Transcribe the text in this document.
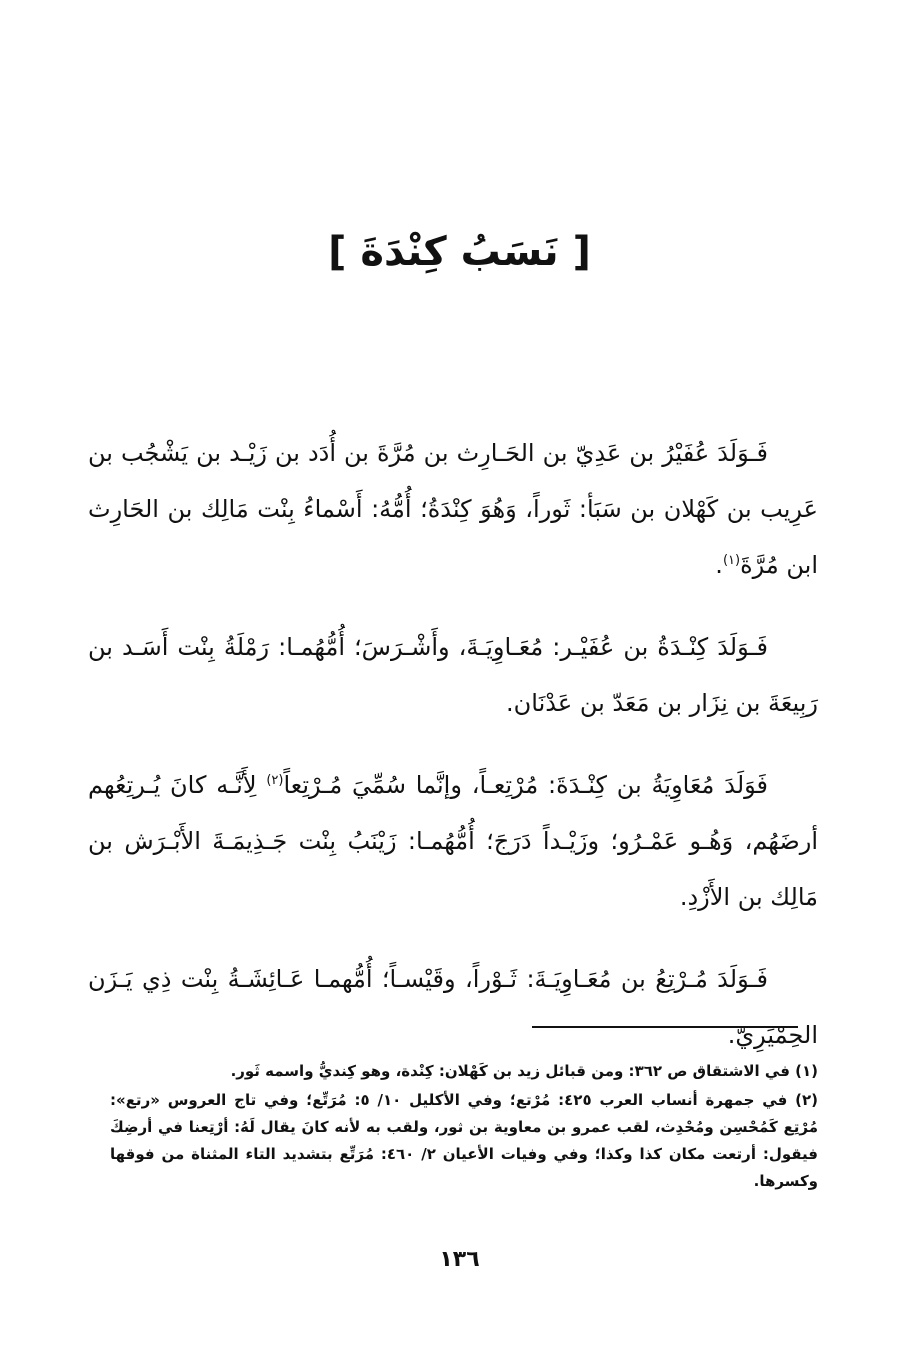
[ نَسَبُ كِنْدَةَ ]

فَـوَلَدَ عُفَيْرُ بن عَدِيّ بن الحَـارِث بن مُرَّةَ بن أُدَد بن زَيْـد بن يَشْجُب بن عَرِيب بن كَهْلان بن سَبَأ: ثَوراً، وَهُوَ كِنْدَةُ؛ أُمُّهُ: أَسْماءُ بِنْت مَالِك بن الحَارِث ابن مُرَّةَ$^{(١)}$.

فَـوَلَدَ كِنْـدَةُ بن عُفَيْـر: مُعَـاوِيَـةَ، وأَشْـرَسَ؛ أُمُّهُمـا: رَمْلَةُ بِنْت أَسَـد بن رَبِيعَةَ بن نِزَار بن مَعَدّ بن عَدْنَان.

فَوَلَدَ مُعَاوِيَةُ بن كِنْـدَةَ: مُرْتِعـاً، وإنَّما سُمِّيَ مُـرْتِعاً$^{(٢)}$ لِأَنَّـه كانَ يُـرتِعُهم أرضَهُم، وَهُـو عَمْـرُو؛ وزَيْـداً دَرَجَ؛ أُمُّهُمـا: زَيْنَبُ بِنْت جَـذِيمَـةَ الأَبْـرَش بن مَالِك بن الأَزْدِ.

فَـوَلَدَ مُـرْتِعُ بن مُعَـاوِيَـةَ: ثَـوْراً، وقَيْسـاً؛ أُمُّهمـا عَـائِشَـةُ بِنْت ذِي يَـزَن الحِمْيَرِيّ.

(١) في الاشتقاق ص ٣٦٢: ومن قبائل زيد بن كَهْلان: كِنْدة، وهو كِنديُّ واسمه ثَور.

(٢) في جمهرة أنساب العرب ٤٢٥: مُرْتع؛ وفي الأكليل ١٠/ ٥: مُرَتِّع؛ وفي تاج العروس «رتع»: مُرْتِع كَمُحْسِن ومُحْدِث، لقب عمرو بن معاوية بن ثور، ولقب به لأنه كانَ يقال لَهُ: أرْتِعنا في أرضِكَ فيقول: أرتعت مكان كذا وكذا؛ وفي وفيات الأعيان ٢/ ٤٦٠: مُرَتِّع بتشديد التاء المثناة من فوقها وكسرها.

١٣٦
